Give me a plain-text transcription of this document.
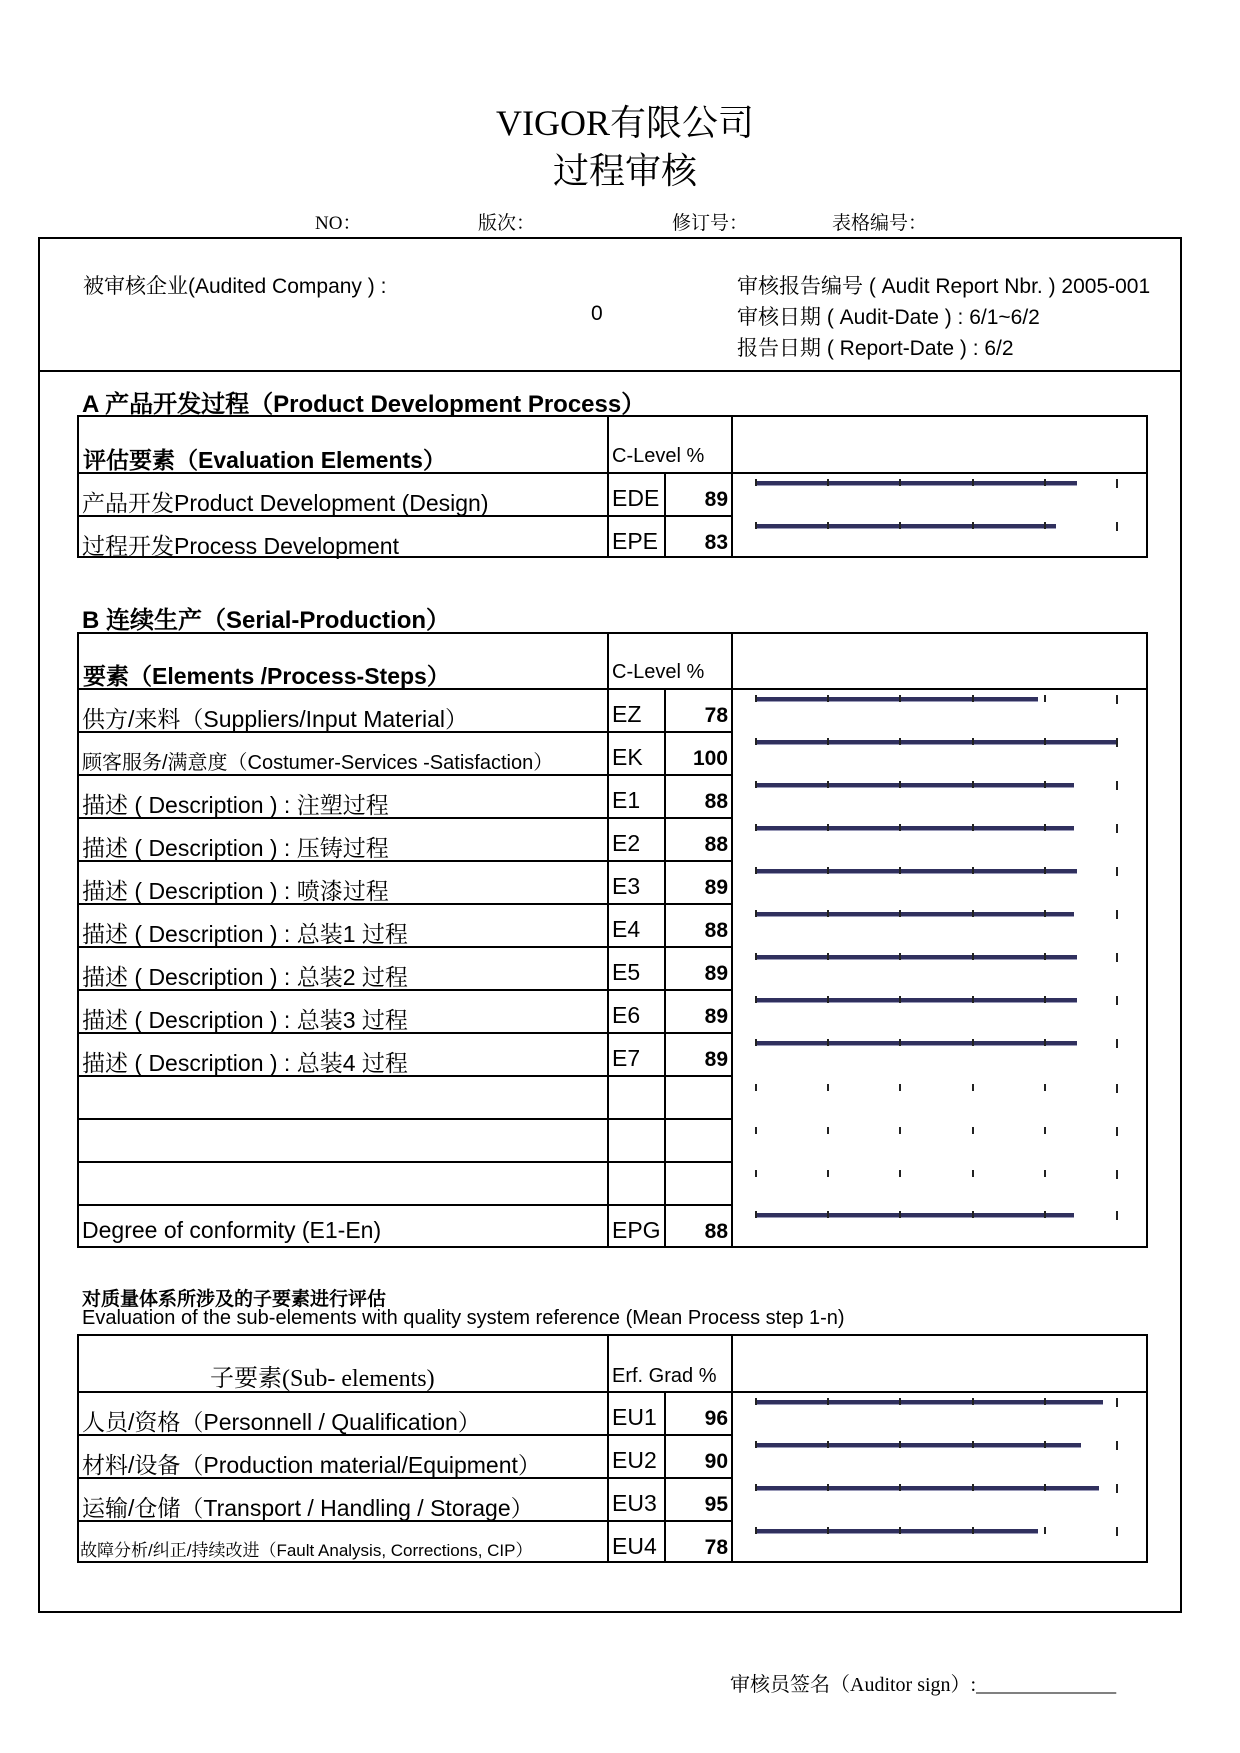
VIGOR有限公司
过程审核
NO：	版次：	修订号：	表格编号：
被审核企业(Audited Company ) :
0
审核报告编号 ( Audit Report Nbr. ) 2005-001
审核日期 ( Audit-Date ) : 6/1~6/2
报告日期 ( Report-Date ) : 6/2
A 产品开发过程（Product Development Process）
评估要素（Evaluation Elements）	C-Level %
产品开发Product Development (Design)	EDE	89
过程开发Process Development	EPE	83
B 连续生产（Serial-Production）
要素（Elements /Process-Steps）	C-Level %
供方/来料（Suppliers/Input Material）	EZ	78
顾客服务/满意度（Costumer-Services -Satisfaction）	EK	100
描述 ( Description ) : 注塑过程	E1	88
描述 ( Description ) : 压铸过程	E2	88
描述 ( Description ) : 喷漆过程	E3	89
描述 ( Description ) : 总装1 过程	E4	88
描述 ( Description ) : 总装2 过程	E5	89
描述 ( Description ) : 总装3 过程	E6	89
描述 ( Description ) : 总装4 过程	E7	89
Degree of conformity (E1-En)	EPG	88
对质量体系所涉及的子要素进行评估
Evaluation of the sub-elements with quality system reference (Mean Process step 1-n)
子要素(Sub- elements)	Erf. Grad %
人员/资格（Personnell / Qualification）	EU1	96
材料/设备（Production material/Equipment）	EU2	90
运输/仓储（Transport / Handling / Storage）	EU3	95
故障分析/纠正/持续改进（Fault Analysis, Corrections, CIP）	EU4	78
审核员签名（Auditor sign）:______________
